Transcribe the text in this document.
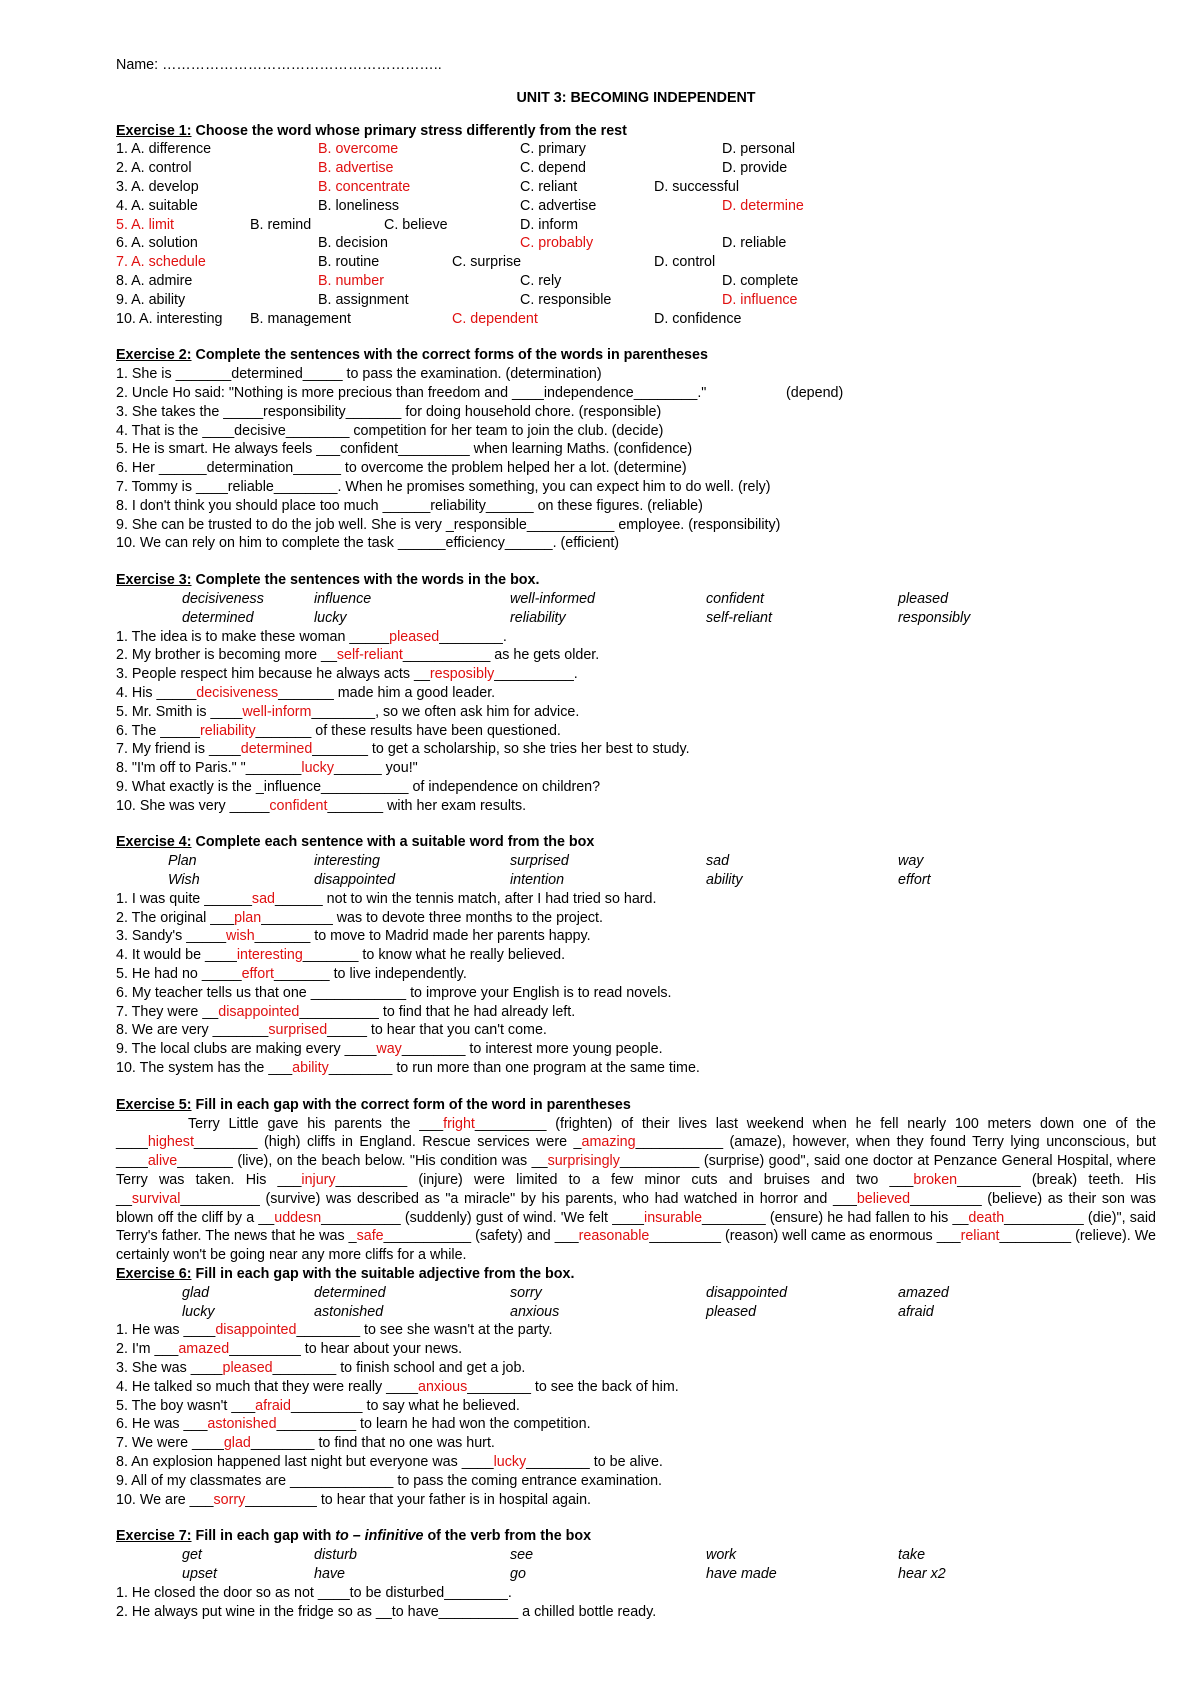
Name: …………………………………………………..
UNIT 3: BECOMING INDEPENDENT
Exercise 1: Choose the word whose primary stress differently from the rest
1. A. difference	B. overcome	C. primary	D. personal
2. A. control	B. advertise	C. depend	D. provide
3. A. develop	B. concentrate	C. reliant	D. successful
4. A. suitable	B. loneliness	C. advertise	D. determine
5. A. limit	B. remind	C. believe	D. inform
6. A. solution	B. decision	C. probably	D. reliable
7. A. schedule	B. routine	C. surprise	D. control
8. A. admire	B. number	C. rely	D. complete
9. A. ability	B. assignment	C. responsible	D. influence
10. A. interesting B. management	C. dependent	D. confidence
Exercise 2: Complete the sentences with the correct forms of the words in parentheses
1. She is _______determined_____ to pass the examination. (determination)
2. Uncle Ho said: "Nothing is more precious than freedom and ____independence________."	(depend)
3. She takes the _____responsibility_______ for doing household chore. (responsible)
4. That is the ____decisive________ competition for her team to join the club. (decide)
5. He is smart. He always feels ___confident_________ when learning Maths. (confidence)
6. Her ______determination______ to overcome the problem helped her a lot. (determine)
7. Tommy is ____reliable________. When he promises something, you can expect him to do well. (rely)
8. I don't think you should place too much ______reliability______ on these figures. (reliable)
9. She can be trusted to do the job well. She is very _responsible___________ employee. (responsibility)
10. We can rely on him to complete the task ______efficiency______. (efficient)
Exercise 3: Complete the sentences with the words in the box.
decisiveness	influence	well-informed	confident	pleased
determined	lucky	reliability	self-reliant	responsibly
1. The idea is to make these woman _____pleased________.
2. My brother is becoming more __self-reliant___________ as he gets older.
3. People respect him because he always acts __resposibly__________.
4. His _____decisiveness_______ made him a good leader.
5. Mr. Smith is ____well-inform________, so we often ask him for advice.
6. The _____reliability_______ of these results have been questioned.
7. My friend is ____determined_______ to get a scholarship, so she tries her best to study.
8. "I'm off to Paris." "_______lucky______ you!"
9. What exactly is the _influence___________ of independence on children?
10. She was very _____confident_______ with her exam results.
Exercise 4: Complete each sentence with a suitable word from the box
Plan	interesting	surprised	sad	way
Wish	disappointed	intention	ability	effort
1. I was quite ______sad______ not to win the tennis match, after I had tried so hard.
2. The original ___plan_________ was to devote three months to the project.
3. Sandy's _____wish_______ to move to Madrid made her parents happy.
4. It would be ____interesting_______ to know what he really believed.
5. He had no _____effort_______ to live independently.
6. My teacher tells us that one ____________ to improve your English is to read novels.
7. They were __disappointed__________ to find that he had already left.
8. We are very _______surprised_____ to hear that you can't come.
9. The local clubs are making every ____way________ to interest more young people.
10. The system has the ___ability________ to run more than one program at the same time.
Exercise 5: Fill in each gap with the correct form of the word in parentheses
Terry Little gave his parents the ___fright_________ (frighten) of their lives last weekend when he fell nearly 100 meters down one of the ____highest________ (high) cliffs in England. Rescue services were _amazing___________ (amaze), however, when they found Terry lying unconscious, but ____alive_______ (live), on the beach below. "His condition was __surprisingly__________ (surprise) good", said one doctor at Penzance General Hospital, where Terry was taken. His ___injury_________ (injure) were limited to a few minor cuts and bruises and two ___broken________ (break) teeth. His __survival__________ (survive) was described as "a miracle" by his parents, who had watched in horror and ___believed_________ (believe) as their son was blown off the cliff by a __uddesn__________ (suddenly) gust of wind. 'We felt ____insurable________ (ensure) he had fallen to his __death__________ (die)", said Terry's father. The news that he was _safe___________ (safety) and ___reasonable_________ (reason) well came as enormous ___reliant_________ (relieve). We certainly won't be going near any more cliffs for a while.
Exercise 6: Fill in each gap with the suitable adjective from the box.
glad	determined	sorry	disappointed	amazed
lucky	astonished	anxious	pleased	afraid
1. He was ____disappointed________ to see she wasn't at the party.
2. I'm ___amazed_________ to hear about your news.
3. She was ____pleased________ to finish school and get a job.
4. He talked so much that they were really ____anxious________ to see the back of him.
5. The boy wasn't ___afraid_________ to say what he believed.
6. He was ___astonished__________ to learn he had won the competition.
7. We were ____glad________ to find that no one was hurt.
8. An explosion happened last night but everyone was ____lucky________ to be alive.
9. All of my classmates are _____________ to pass the coming entrance examination.
10. We are ___sorry_________ to hear that your father is in hospital again.
Exercise 7: Fill in each gap with to – infinitive of the verb from the box
get	disturb	see	work	take
upset	have	go	have made	hear x2
1. He closed the door so as not ____to be disturbed________.
2. He always put wine in the fridge so as __to have__________ a chilled bottle ready.
